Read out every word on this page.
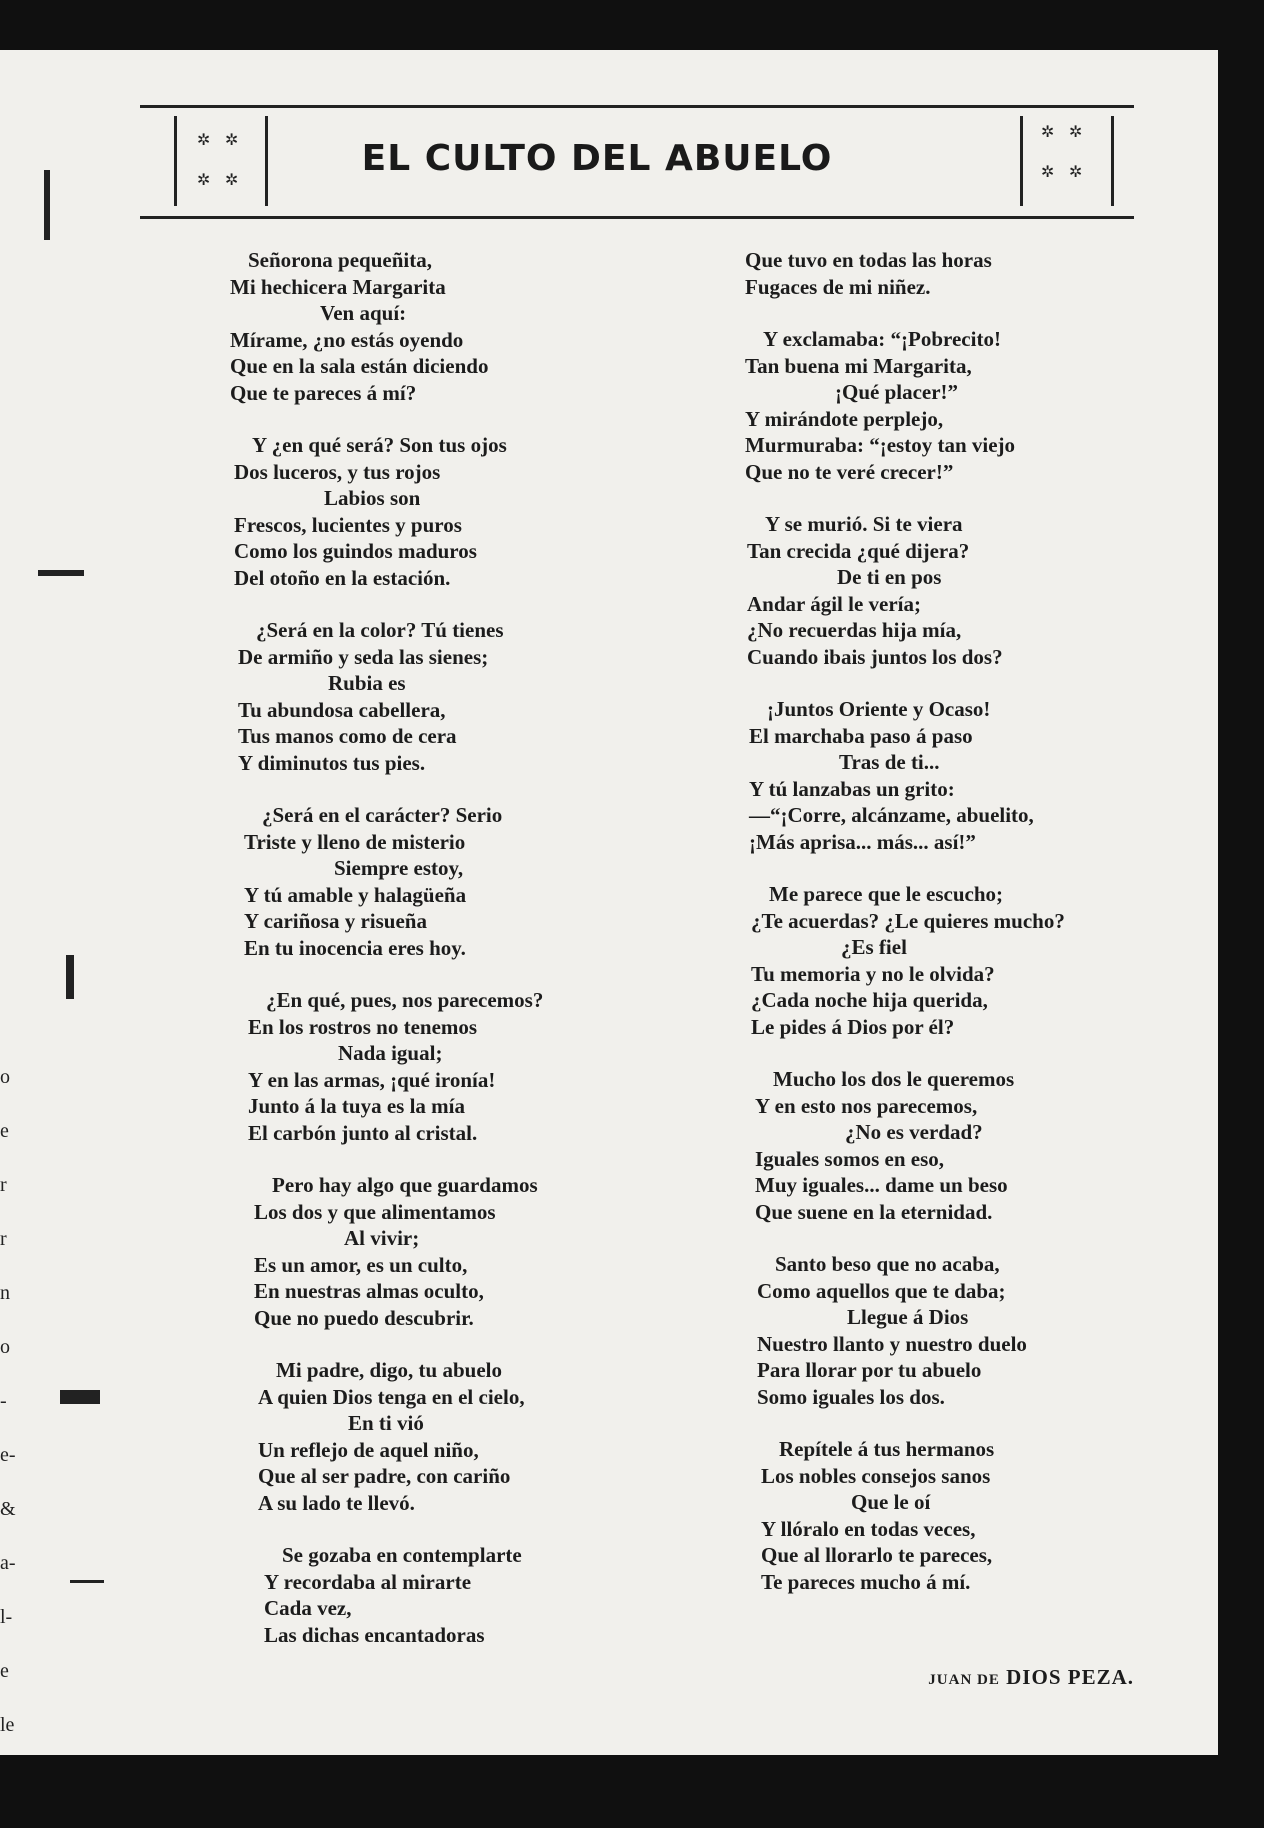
o
e
r
r
n
o
-
e-
&
a-
l-
e
le
✲ ✲
✲ ✲
EL CULTO DEL ABUELO
✲ ✲
✲ ✲
Señorona pequeñita,
Mi hechicera Margarita
Ven aquí:
Mírame, ¿no estás oyendo
Que en la sala están diciendo
Que te pareces á mí?
Y ¿en qué será? Son tus ojos
Dos luceros, y tus rojos
Labios son
Frescos, lucientes y puros
Como los guindos maduros
Del otoño en la estación.
¿Será en la color? Tú tienes
De armiño y seda las sienes;
Rubia es
Tu abundosa cabellera,
Tus manos como de cera
Y diminutos tus pies.
¿Será en el carácter? Serio
Triste y lleno de misterio
Siempre estoy,
Y tú amable y halagüeña
Y cariñosa y risueña
En tu inocencia eres hoy.
¿En qué, pues, nos parecemos?
En los rostros no tenemos
Nada igual;
Y en las armas, ¡qué ironía!
Junto á la tuya es la mía
El carbón junto al cristal.
Pero hay algo que guardamos
Los dos y que alimentamos
Al vivir;
Es un amor, es un culto,
En nuestras almas oculto,
Que no puedo descubrir.
Mi padre, digo, tu abuelo
A quien Dios tenga en el cielo,
En ti vió
Un reflejo de aquel niño,
Que al ser padre, con cariño
A su lado te llevó.
Se gozaba en contemplarte
Y recordaba al mirarte
Cada vez,
Las dichas encantadoras
Que tuvo en todas las horas
Fugaces de mi niñez.
Y exclamaba: “¡Pobrecito!
Tan buena mi Margarita,
¡Qué placer!”
Y mirándote perplejo,
Murmuraba: “¡estoy tan viejo
Que no te veré crecer!”
Y se murió. Si te viera
Tan crecida ¿qué dijera?
De ti en pos
Andar ágil le vería;
¿No recuerdas hija mía,
Cuando ibais juntos los dos?
¡Juntos Oriente y Ocaso!
El marchaba paso á paso
Tras de ti...
Y tú lanzabas un grito:
—“¡Corre, alcánzame, abuelito,
¡Más aprisa... más... así!”
Me parece que le escucho;
¿Te acuerdas? ¿Le quieres mucho?
¿Es fiel
Tu memoria y no le olvida?
¿Cada noche hija querida,
Le pides á Dios por él?
Mucho los dos le queremos
Y en esto nos parecemos,
¿No es verdad?
Iguales somos en eso,
Muy iguales... dame un beso
Que suene en la eternidad.
Santo beso que no acaba,
Como aquellos que te daba;
Llegue á Dios
Nuestro llanto y nuestro duelo
Para llorar por tu abuelo
Somo iguales los dos.
Repítele á tus hermanos
Los nobles consejos sanos
Que le oí
Y llóralo en todas veces,
Que al llorarlo te pareces,
Te pareces mucho á mí.
JUAN DE DIOS PEZA.
